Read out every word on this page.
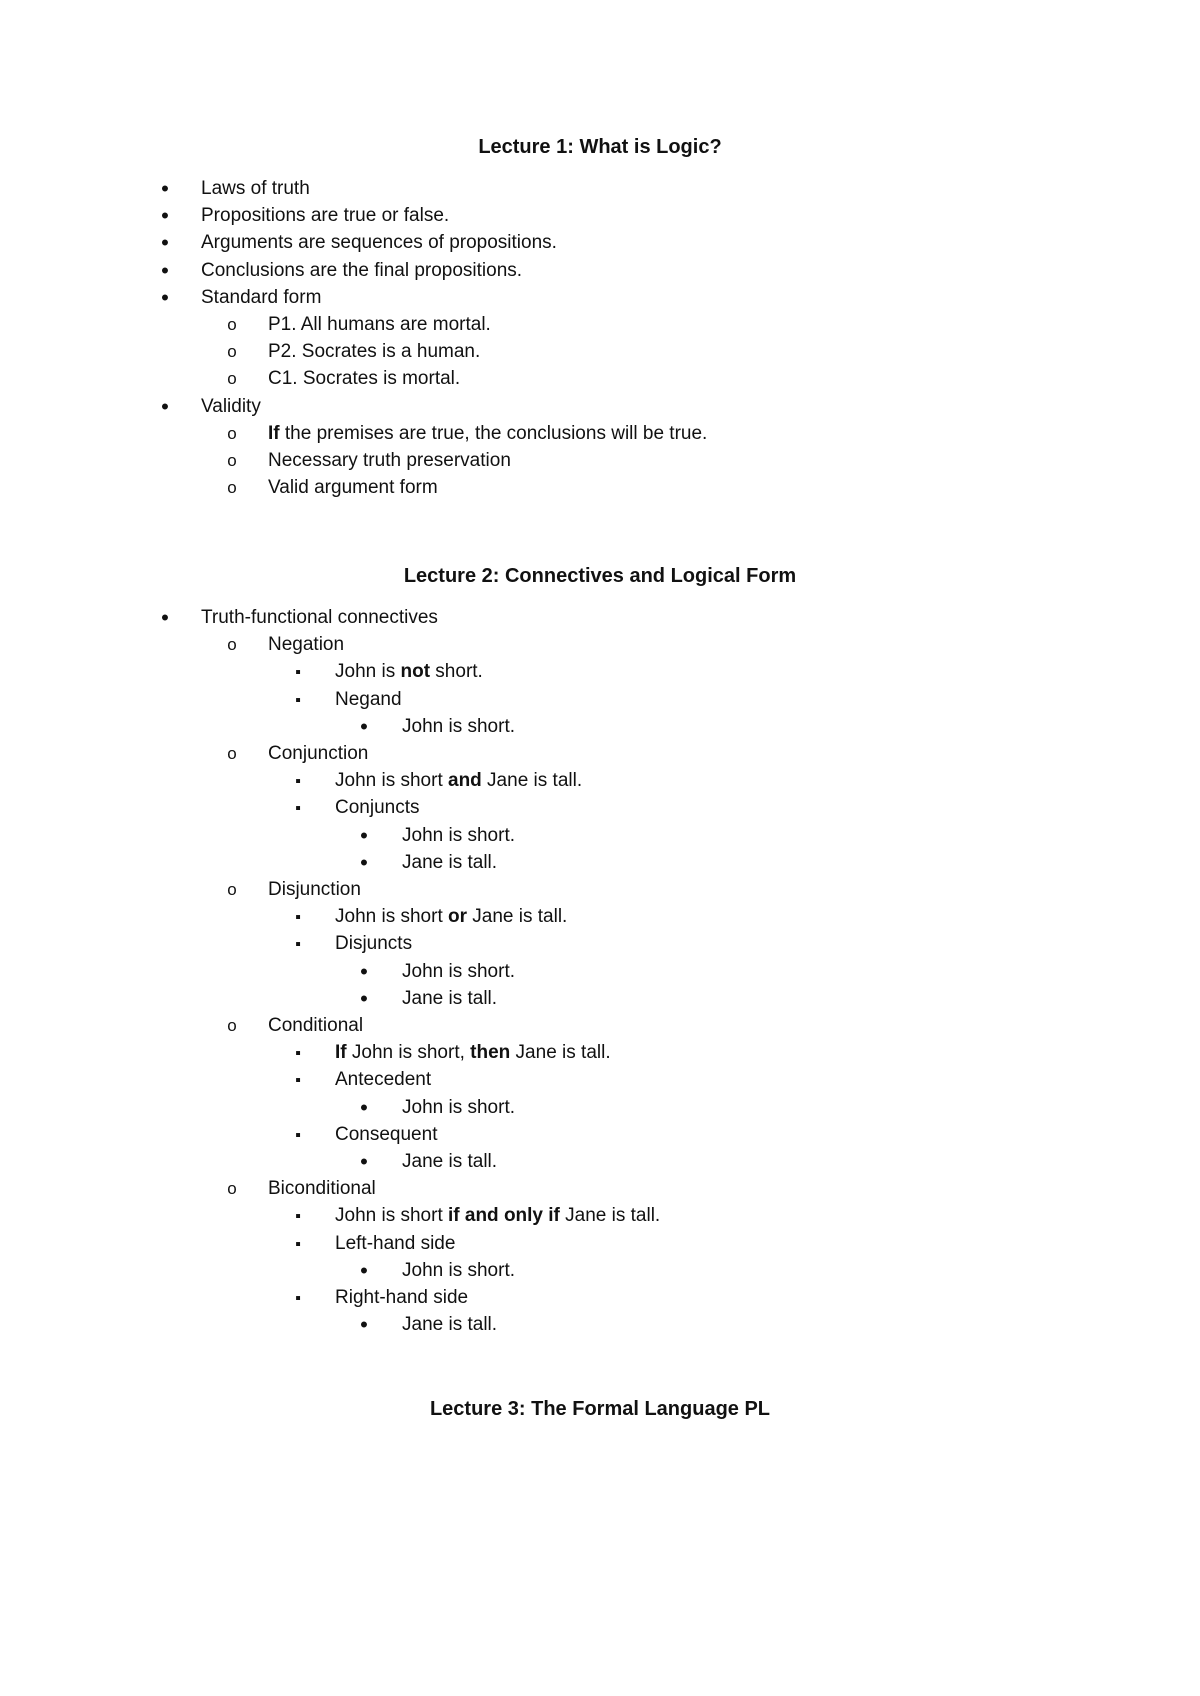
Lecture 1: What is Logic?
•
Laws of truth
•
Propositions are true or false.
•
Arguments are sequences of propositions.
•
Conclusions are the final propositions.
•
Standard form
o
P1. All humans are mortal.
o
P2. Socrates is a human.
o
C1. Socrates is mortal.
•
Validity
o
If the premises are true, the conclusions will be true.
o
Necessary truth preservation
o
Valid argument form
Lecture 2: Connectives and Logical Form
•
Truth-functional connectives
o
Negation
▪
John is not short.
▪
Negand
•
John is short.
o
Conjunction
▪
John is short and Jane is tall.
▪
Conjuncts
•
John is short.
•
Jane is tall.
o
Disjunction
▪
John is short or Jane is tall.
▪
Disjuncts
•
John is short.
•
Jane is tall.
o
Conditional
▪
If John is short, then Jane is tall.
▪
Antecedent
•
John is short.
▪
Consequent
•
Jane is tall.
o
Biconditional
▪
John is short if and only if Jane is tall.
▪
Left-hand side
•
John is short.
▪
Right-hand side
•
Jane is tall.
Lecture 3: The Formal Language PL
